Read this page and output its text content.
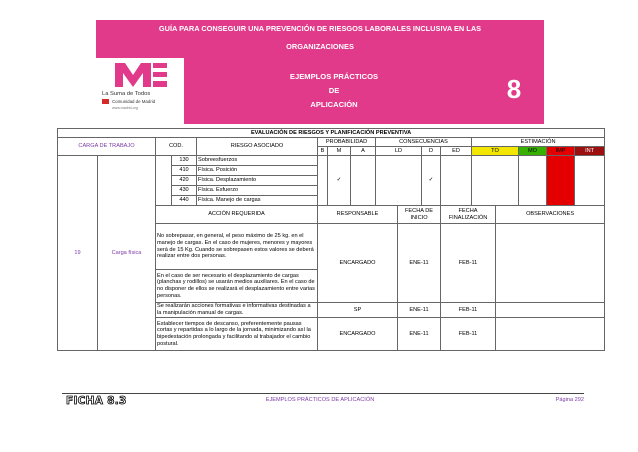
GUÍA PARA CONSEGUIR UNA PREVENCIÓN DE RIESGOS LABORALES INCLUSIVA EN LAS
ORGANIZACIONES
La Suma de Todos
Comunidad de Madrid
www.madrid.org
EJEMPLOS PRÁCTICOS
DE
APLICACIÓN
8
EVALUACIÓN DE RIESGOS Y PLANIFICACIÓN PREVENTIVA																
CARGA DE TRABAJO		COD.		RIESGO ASOCIADO	PROBABILIDAD			CONSECUENCIAS				ESTIMACIÓN				
					B	M	A	LD		D	ED	TO		MO	IMP	INT
19	Carga física		130	Sobreesfuerzos		✓				✓						
			410	Física. Posición												
			420	Física. Desplazamiento												
			430	Física. Esfuerzo												
			440	Física. Manejo de cargas												
		ACCIÓN REQUERIDA			RESPONSABLE				FECHA DE INICIO		FECHA FINALIZACIÓN		OBSERVACIONES			
		No sobrepasar, en general, el peso máximo de 25 kg. en el manejo de cargas. En el caso de mujeres, menores y mayores será de 15 Kg. Cuando se sobrepasen estos valores se deberá realizar entre dos personas.			ENCARGADO				ENE-11		FEB-11					
		En el caso de ser necesario el desplazamiento de cargas (planchas y rodillos) se usarán medios auxiliares. En el caso de no disponer de ellos se realizará el desplazamiento entre varias personas.														
		Se realizarán acciones formativas e informativas destinadas a la manipulación manual de cargas.			SP				ENE-11		FEB-11					
		Establecer tiempos de descanso, preferentemente pausas cortas y repartidas a lo largo de la jornada, minimizando así la bipedestación prolongada y facilitando al trabajador el cambio postural.			ENCARGADO				ENE-11		FEB-11					
FICHA 8.3	EJEMPLOS PRÁCTICOS DE APLICACIÓN	Página 292
